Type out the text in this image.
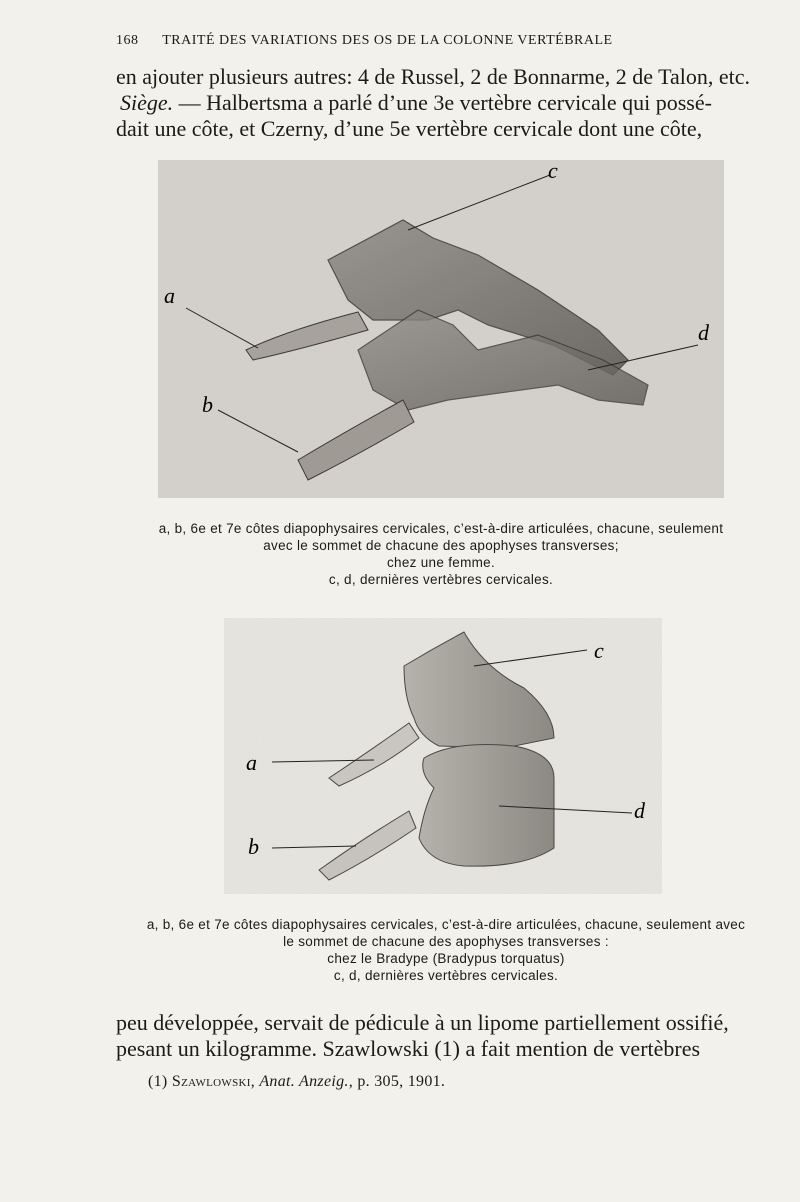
168 TRAITÉ DES VARIATIONS DES OS DE LA COLONNE VERTÉBRALE
en ajouter plusieurs autres: 4 de Russel, 2 de Bonnarme, 2 de Talon, etc.
Siège. — Halbertsma a parlé d’une 3e vertèbre cervicale qui possé-
dait une côte, et Czerny, d’une 5e vertèbre cervicale dont une côte,
c
a
b
d
a, b, 6e et 7e côtes diapophysaires cervicales, c’est-à-dire articulées, chacune, seulement
avec le sommet de chacune des apophyses transverses;
chez une femme.
c, d, dernières vertèbres cervicales.
c
a
b
d
a, b, 6e et 7e côtes diapophysaires cervicales, c’est-à-dire articulées, chacune, seulement avec
le sommet de chacune des apophyses transverses :
chez le Bradype (Bradypus torquatus)
c, d, dernières vertèbres cervicales.
peu développée, servait de pédicule à un lipome partiellement ossifié,
pesant un kilogramme. Szawlowski (1) a fait mention de vertèbres
(1) Szawlowski, Anat. Anzeig., p. 305, 1901.
